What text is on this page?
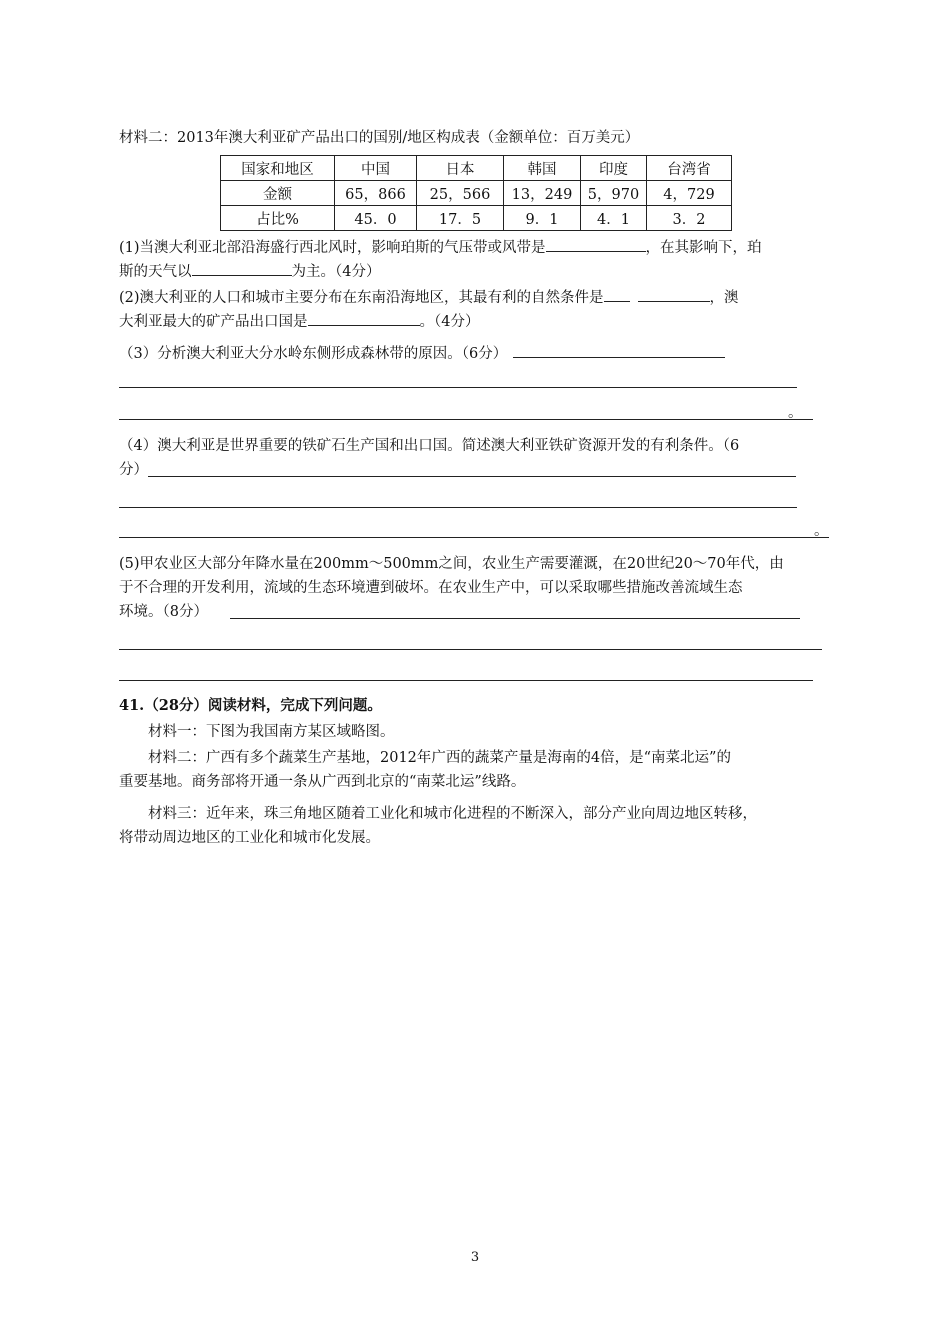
材料二：2013年澳大利亚矿产品出口的国别/地区构成表（金额单位：百万美元）
国家和地区	中国	日本	韩国	印度	台湾省
金额	65，866	25，566	13，249	5，970	4，729
占比%	45．0	17．5	9．1	4．1	3．2
(1)当澳大利亚北部沿海盛行西北风时，影响珀斯的气压带或风带是	，在其影响下，珀
斯的天气以	为主。（4分）
(2)澳大利亚的人口和城市主要分布在东南沿海地区，其最有利的自然条件是	，澳
大利亚最大的矿产品出口国是	。（4分）
（3）分析澳大利亚大分水岭东侧形成森林带的原因。（6分）
。
（4）澳大利亚是世界重要的铁矿石生产国和出口国。简述澳大利亚铁矿资源开发的有利条件。（6
分）
。
(5)甲农业区大部分年降水量在200mm～500mm之间，农业生产需要灌溉，在20世纪20～70年代，由
于不合理的开发利用，流域的生态环境遭到破坏。在农业生产中，可以采取哪些措施改善流域生态
环境。（8分）
41.（28分）阅读材料，完成下列问题。
材料一：下图为我国南方某区域略图。
材料二：广西有多个蔬菜生产基地，2012年广西的蔬菜产量是海南的4倍，是“南菜北运”的
重要基地。商务部将开通一条从广西到北京的“南菜北运”线路。
材料三：近年来，珠三角地区随着工业化和城市化进程的不断深入，部分产业向周边地区转移，
将带动周边地区的工业化和城市化发展。
3
